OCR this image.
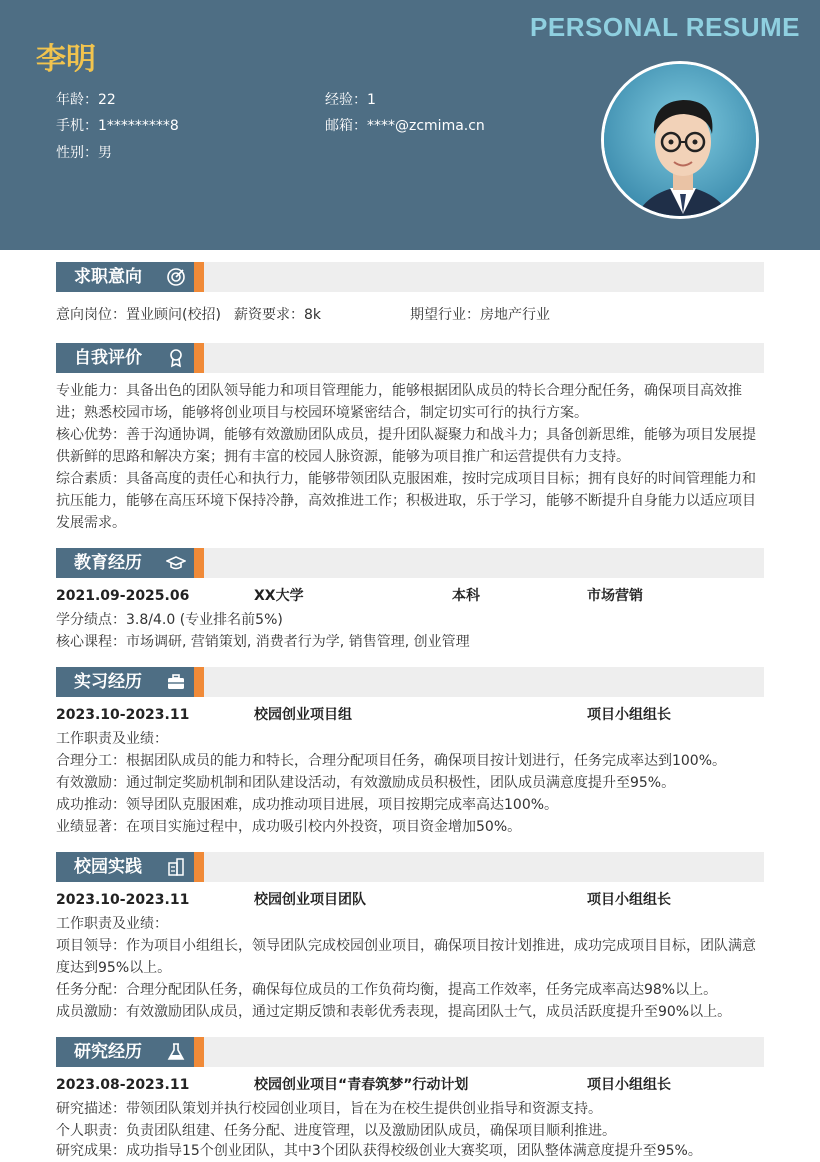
PERSONAL RESUME
李明
年龄：22
手机：1*********8
性别：男
经验：1
邮箱：****@zcmima.cn
求职意向
意向岗位：置业顾问(校招) 薪资要求：8k	期望行业：房地产行业
自我评价
专业能力：具备出色的团队领导能力和项目管理能力，能够根据团队成员的特长合理分配任务，确保项目高效推
进；熟悉校园市场，能够将创业项目与校园环境紧密结合，制定切实可行的执行方案。
核心优势：善于沟通协调，能够有效激励团队成员，提升团队凝聚力和战斗力；具备创新思维，能够为项目发展提
供新鲜的思路和解决方案；拥有丰富的校园人脉资源，能够为项目推广和运营提供有力支持。
综合素质：具备高度的责任心和执行力，能够带领团队克服困难，按时完成项目目标；拥有良好的时间管理能力和
抗压能力，能够在高压环境下保持冷静，高效推进工作；积极进取，乐于学习，能够不断提升自身能力以适应项目
发展需求。
教育经历
2021.09-2025.06	XX大学	本科	市场营销
学分绩点：3.8/4.0 (专业排名前5%)
核心课程：市场调研, 营销策划, 消费者行为学, 销售管理, 创业管理
实习经历
2023.10-2023.11	校园创业项目组	项目小组组长
工作职责及业绩：
合理分工：根据团队成员的能力和特长，合理分配项目任务，确保项目按计划进行，任务完成率达到100%。
有效激励：通过制定奖励机制和团队建设活动，有效激励成员积极性，团队成员满意度提升至95%。
成功推动：领导团队克服困难，成功推动项目进展，项目按期完成率高达100%。
业绩显著：在项目实施过程中，成功吸引校内外投资，项目资金增加50%。
校园实践
2023.10-2023.11	校园创业项目团队	项目小组组长
工作职责及业绩：
项目领导：作为项目小组组长，领导团队完成校园创业项目，确保项目按计划推进，成功完成项目目标，团队满意
度达到95%以上。
任务分配：合理分配团队任务，确保每位成员的工作负荷均衡，提高工作效率，任务完成率高达98%以上。
成员激励：有效激励团队成员，通过定期反馈和表彰优秀表现，提高团队士气，成员活跃度提升至90%以上。
研究经历
2023.08-2023.11	校园创业项目“青春筑梦”行动计划	项目小组组长
研究描述：带领团队策划并执行校园创业项目，旨在为在校生提供创业指导和资源支持。
个人职责：负责团队组建、任务分配、进度管理，以及激励团队成员，确保项目顺利推进。
研究成果：成功指导15个创业团队，其中3个团队获得校级创业大赛奖项，团队整体满意度提升至95%。
